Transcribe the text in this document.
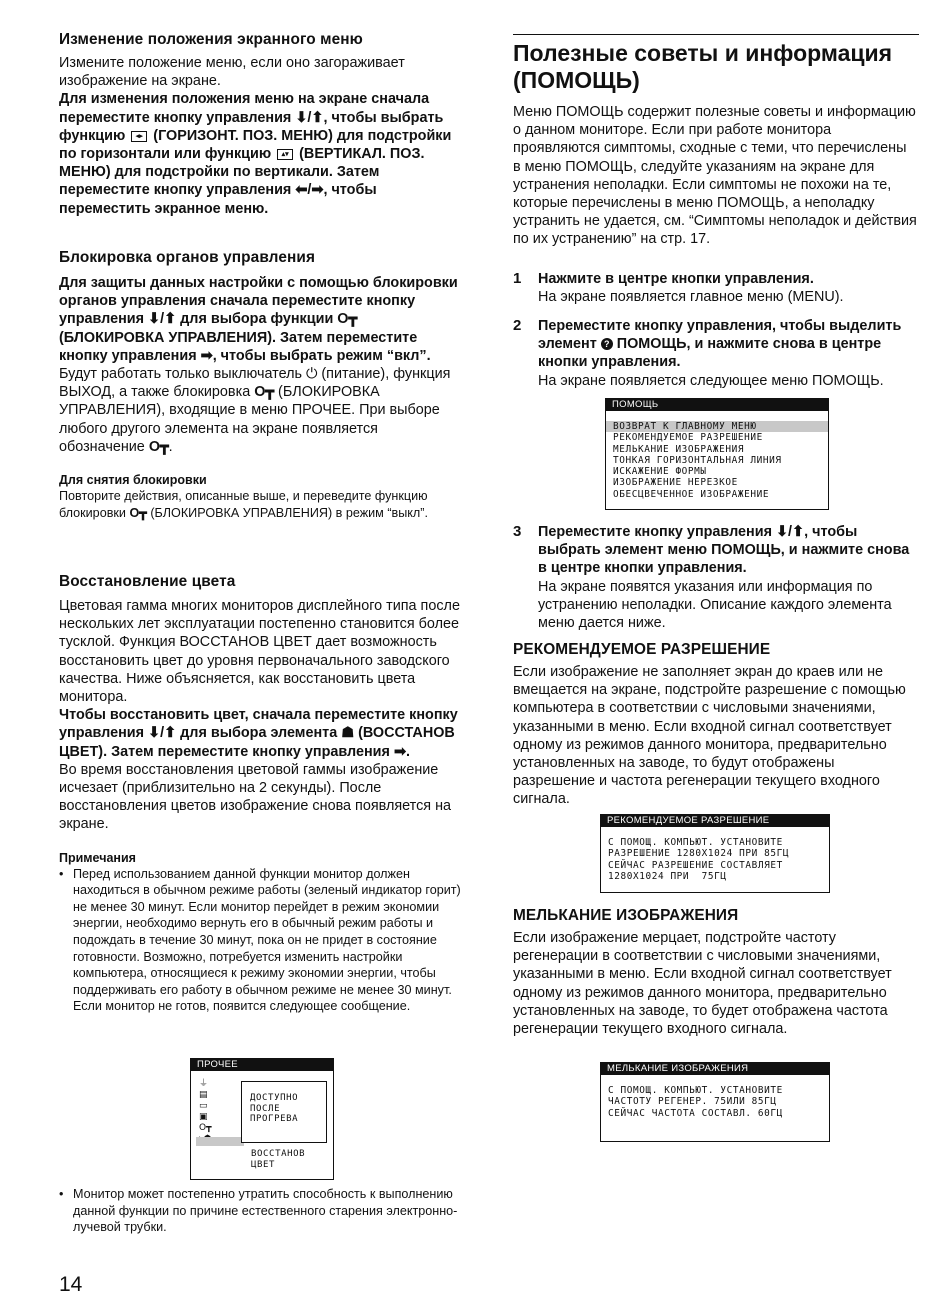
Изменение положения экранного меню

Измените положение меню, если оно загораживает изображение на экране.

Для изменения положения меню на экране сначала переместите кнопку управления ⬇/⬆, чтобы выбрать функцию ◂▸ (ГОРИЗОНТ. ПОЗ. МЕНЮ) для подстройки по горизонтали или функцию ▴▾ (ВЕРТИКАЛ. ПОЗ. МЕНЮ) для подстройки по вертикали. Затем переместите кнопку управления ⬅/➡, чтобы переместить экранное меню.

Блокировка органов управления

Для защиты данных настройки с помощью блокировки органов управления сначала переместите кнопку управления ⬇/⬆ для выбора функции O┳ (БЛОКИРОВКА УПРАВЛЕНИЯ). Затем переместите кнопку управления ➡, чтобы выбрать режим “вкл”.

Будут работать только выключатель ⏻ (питание), функция ВЫХОД, а также блокировка O┳ (БЛОКИРОВКА УПРАВЛЕНИЯ), входящие в меню ПРОЧЕЕ. При выборе любого другого элемента на экране появляется обозначение O┳.

Для снятия блокировки

Повторите действия, описанные выше, и переведите функцию блокировки O┳ (БЛОКИРОВКА УПРАВЛЕНИЯ) в режим “выкл”.

Восстановление цвета

Цветовая гамма многих мониторов дисплейного типа после нескольких лет эксплуатации постепенно становится более тусклой. Функция ВОССТАНОВ ЦВЕТ дает возможность восстановить цвет до уровня первоначального заводского качества. Ниже объясняется, как восстановить цвета монитора.

Чтобы восстановить цвет, сначала переместите кнопку управления ⬇/⬆ для выбора элемента ☗ (ВОССТАНОВ ЦВЕТ). Затем переместите кнопку управления ➡.

Во время восстановления цветовой гаммы изображение исчезает (приблизительно на 2 секунды). После восстановления цветов изображение снова появляется на экране.

Примечания
• Перед использованием данной функции монитор должен находиться в обычном режиме работы (зеленый индикатор горит) не менее 30 минут. Если монитор перейдет в режим экономии энергии, необходимо вернуть его в обычный режим работы и подождать в течение 30 минут, пока он не придет в состояние готовности. Возможно, потребуется изменить настройки компьютера, относящиеся к режиму экономии энергии, чтобы поддерживать его работу в обычном режиме не менее 30 минут. Если монитор не готов, появится следующее сообщение.
ПРОЧЕЕ
⏚
▤
▭
▣
O┳
ДОСТУПНО
ПОСЛЕ
ПРОГРЕВА
ВОССТАНОВ
ЦВЕТ
• Монитор может постепенно утратить способность к выполнению данной функции по причине естественного старения электронно-лучевой трубки.
Полезные советы и информация
(ПОМОЩЬ)

Меню ПОМОЩЬ содержит полезные советы и информацию о данном мониторе. Если при работе монитора проявляются симптомы, сходные с теми, что перечислены в меню ПОМОЩЬ, следуйте указаниям на экране для устранения неполадки. Если симптомы не похожи на те, которые перечислены в меню ПОМОЩЬ, а неполадку устранить не удается, см. “Симптомы неполадок и действия по их устранению” на стр. 17.

1 Нажмите в центре кнопки управления.

На экране появляется главное меню (MENU).

2 Переместите кнопку управления, чтобы выделить элемент ? ПОМОЩЬ, и нажмите снова в центре кнопки управления.

На экране появляется следующее меню ПОМОЩЬ.

ПОМОЩЬ
ВОЗВРАТ К ГЛАВНОМУ МЕНЮ
РЕКОМЕНДУЕМОЕ РАЗРЕШЕНИЕ
МЕЛЬКАНИЕ ИЗОБРАЖЕНИЯ
ТОНКАЯ ГОРИЗОНТАЛЬНАЯ ЛИНИЯ
ИСКАЖЕНИЕ ФОРМЫ
ИЗОБРАЖЕНИЕ НЕРЕЗКОЕ
ОБЕСЦВЕЧЕННОЕ ИЗОБРАЖЕНИЕ
3 Переместите кнопку управления ⬇/⬆, чтобы выбрать элемент меню ПОМОЩЬ, и нажмите снова в центре кнопки управления.

На экране появятся указания или информация по устранению неполадки. Описание каждого элемента меню дается ниже.

РЕКОМЕНДУЕМОЕ РАЗРЕШЕНИЕ

Если изображение не заполняет экран до краев или не вмещается на экране, подстройте разрешение с помощью компьютера в соответствии с числовыми значениями, указанными в меню. Если входной сигнал соответствует одному из режимов данного монитора, предварительно установленных на заводе, то будут отображены разрешение и частота регенерации текущего входного сигнала.

РЕКОМЕНДУЕМОЕ РАЗРЕШЕНИЕ
С ПОМОЩ. КОМПЬЮТ. УСТАНОВИТЕ
РАЗРЕШЕНИЕ 1280X1024 ПРИ 85ГЦ
СЕЙЧАС РАЗРЕШЕНИЕ СОСТАВЛЯЕТ
1280X1024 ПРИ  75ГЦ
МЕЛЬКАНИЕ ИЗОБРАЖЕНИЯ

Если изображение мерцает, подстройте частоту регенерации в соответствии с числовыми значениями, указанными в меню. Если входной сигнал соответствует одному из режимов данного монитора, предварительно установленных на заводе, то будет отображена частота регенерации текущего входного сигнала.

МЕЛЬКАНИЕ ИЗОБРАЖЕНИЯ
С ПОМОЩ. КОМПЬЮТ. УСТАНОВИТЕ
ЧАСТОТУ РЕГЕНЕР. 75ИЛИ 85ГЦ
СЕЙЧАС ЧАСТОТА СОСТАВЛ. 60ГЦ
14
